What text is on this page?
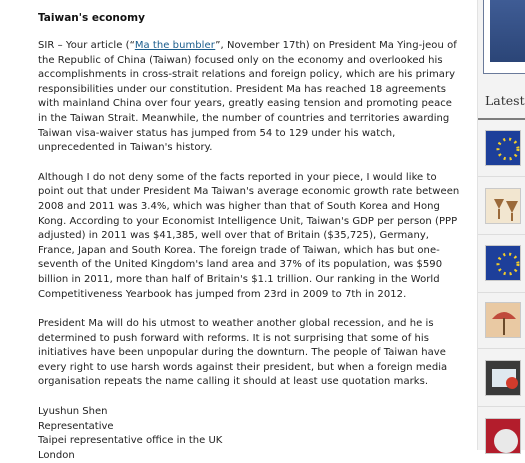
Taiwan's economy

SIR – Your article (“Ma the bumbler”, November 17th) on President Ma Ying-jeou of the Republic of China (Taiwan) focused only on the economy and overlooked his accomplishments in cross-strait relations and foreign policy, which are his primary responsibilities under our constitution. President Ma has reached 18 agreements with mainland China over four years, greatly easing tension and promoting peace in the Taiwan Strait. Meanwhile, the number of countries and territories awarding Taiwan visa-waiver status has jumped from 54 to 129 under his watch, unprecedented in Taiwan's history.

Although I do not deny some of the facts reported in your piece, I would like to point out that under President Ma Taiwan's average economic growth rate between 2008 and 2011 was 3.4%, which was higher than that of South Korea and Hong Kong. According to your Economist Intelligence Unit, Taiwan's GDP per person (PPP adjusted) in 2011 was $41,385, well over that of Britain ($35,725), Germany, France, Japan and South Korea. The foreign trade of Taiwan, which has but one-seventh of the United Kingdom's land area and 37% of its population, was $590 billion in 2011, more than half of Britain's $1.1 trillion. Our ranking in the World Competitiveness Yearbook has jumped from 23rd in 2009 to 7th in 2012.

President Ma will do his utmost to weather another global recession, and he is determined to push forward with reforms. It is not surprising that some of his initiatives have been unpopular during the downturn. The people of Taiwan have every right to use harsh words against their president, but when a foreign media organisation repeats the name calling it should at least use quotation marks.

Lyushun Shen
Representative
Taipei representative office in the UK
London
Latest
